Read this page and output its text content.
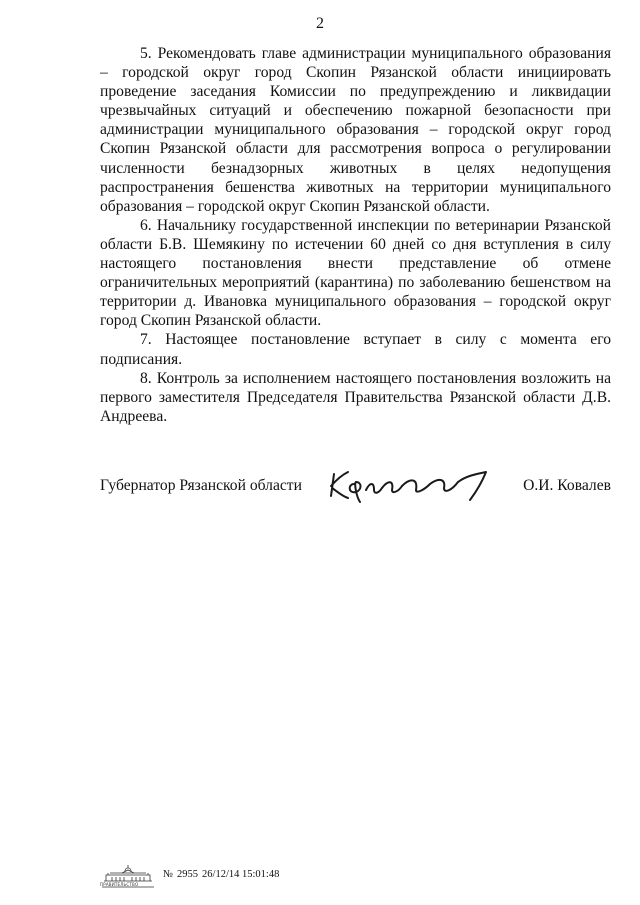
2

5. Рекомендовать главе администрации муниципального образования – городской округ город Скопин Рязанской области инициировать проведение заседания Комиссии по предупреждению и ликвидации чрезвычайных ситуаций и обеспечению пожарной безопасности при администрации муниципального образования – городской округ город Скопин Рязанской области для рассмотрения вопроса о регулировании численности безнадзорных животных в целях недопущения распространения бешенства животных на территории муниципального образования – городской округ Скопин Рязанской области.

6. Начальнику государственной инспекции по ветеринарии Рязанской области Б.В. Шемякину по истечении 60 дней со дня вступления в силу настоящего постановления внести представление об отмене ограничительных мероприятий (карантина) по заболеванию бешенством на территории д. Ивановка муниципального образования – городской округ город Скопин Рязанской области.

7. Настоящее постановление вступает в силу с момента его подписания.

8. Контроль за исполнением настоящего постановления возложить на первого заместителя Председателя Правительства Рязанской области Д.В. Андреева.

Губернатор Рязанской области	О.И. Ковалев
ПРАВИТЕЛЬСТВО
№ 2955 26/12/14 15:01:48
